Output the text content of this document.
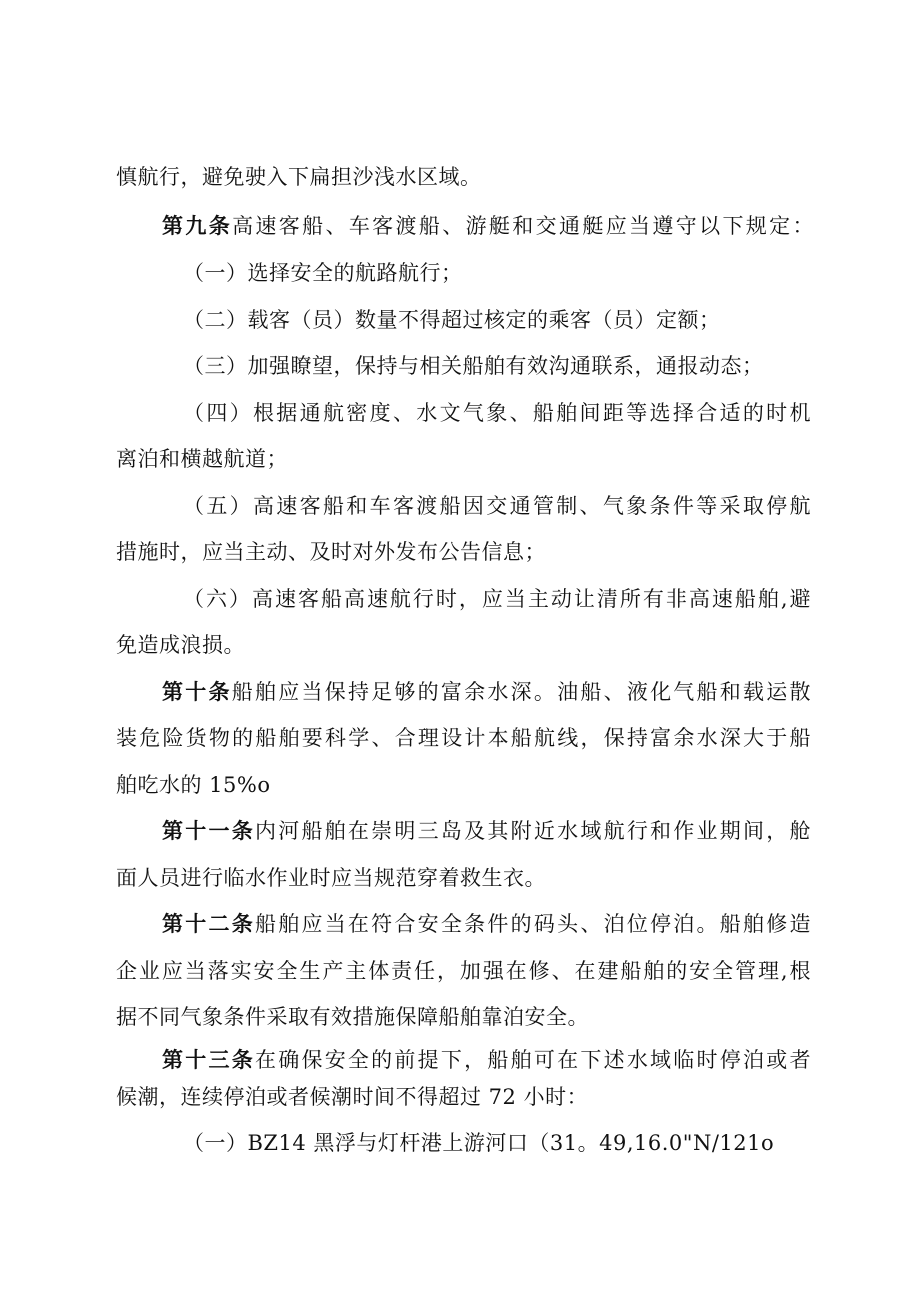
慎航行，避免驶入下扁担沙浅水区域。
第九条高速客船、车客渡船、游艇和交通艇应当遵守以下规定：
（一）选择安全的航路航行；
（二）载客（员）数量不得超过核定的乘客（员）定额；
（三）加强瞭望，保持与相关船舶有效沟通联系，通报动态；
（四）根据通航密度、水文气象、船舶间距等选择合适的时机
离泊和横越航道；
（五）高速客船和车客渡船因交通管制、气象条件等采取停航
措施时，应当主动、及时对外发布公告信息；
（六）高速客船高速航行时，应当主动让清所有非高速船舶,避
免造成浪损。
第十条船舶应当保持足够的富余水深。油船、液化气船和载运散
装危险货物的船舶要科学、合理设计本船航线，保持富余水深大于船
舶吃水的 15%o
第十一条内河船舶在崇明三岛及其附近水域航行和作业期间，舱
面人员进行临水作业时应当规范穿着救生衣。
第十二条船舶应当在符合安全条件的码头、泊位停泊。船舶修造
企业应当落实安全生产主体责任，加强在修、在建船舶的安全管理,根
据不同气象条件采取有效措施保障船舶靠泊安全。
第十三条在确保安全的前提下，船舶可在下述水域临时停泊或者
候潮，连续停泊或者候潮时间不得超过 72 小时：
（一）BZ14 黑浮与灯杆港上游河口（31。49,16.0"N/121o
